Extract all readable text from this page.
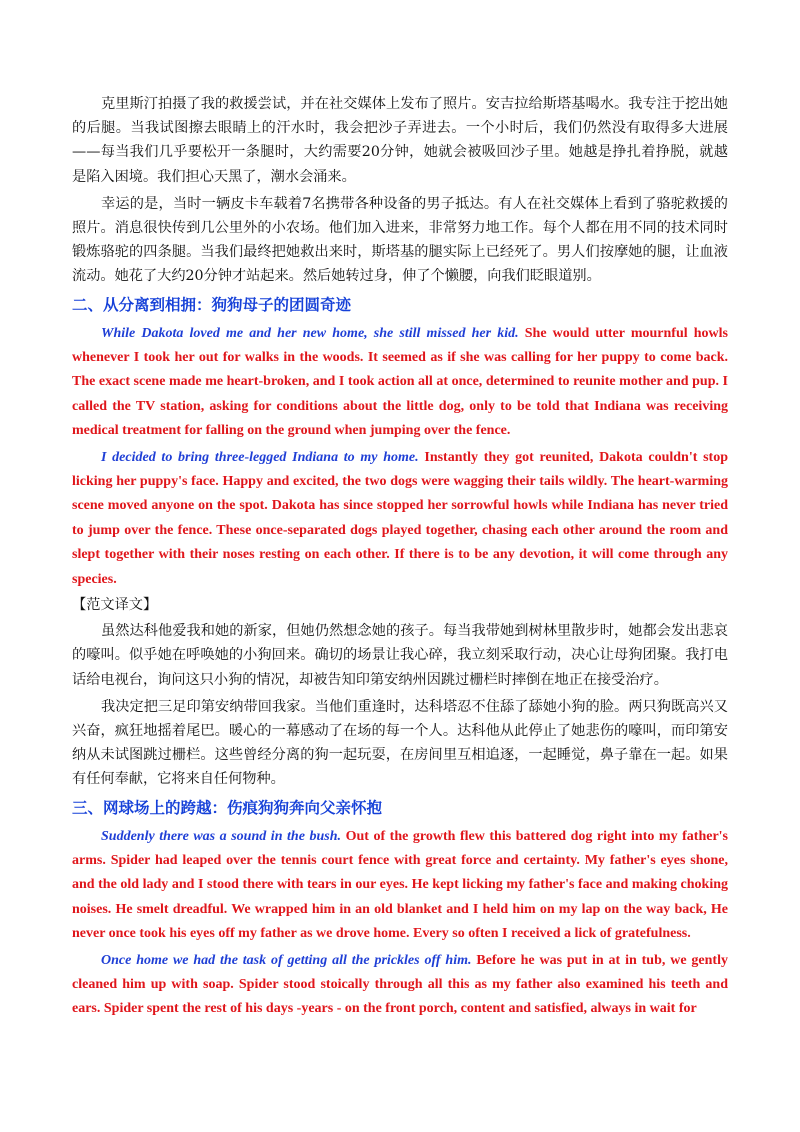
克里斯汀拍摄了我的救援尝试，并在社交媒体上发布了照片。安吉拉给斯塔基喝水。我专注于挖出她的后腿。当我试图擦去眼睛上的汗水时，我会把沙子弄进去。一个小时后，我们仍然没有取得多大进展——每当我们几乎要松开一条腿时，大约需要20分钟，她就会被吸回沙子里。她越是挣扎着挣脱，就越是陷入困境。我们担心天黑了，潮水会涌来。

幸运的是，当时一辆皮卡车载着7名携带各种设备的男子抵达。有人在社交媒体上看到了骆驼救援的照片。消息很快传到几公里外的小农场。他们加入进来，非常努力地工作。每个人都在用不同的技术同时锻炼骆驼的四条腿。当我们最终把她救出来时，斯塔基的腿实际上已经死了。男人们按摩她的腿，让血液流动。她花了大约20分钟才站起来。然后她转过身，伸了个懒腰，向我们眨眼道别。

二、从分离到相拥：狗狗母子的团圆奇迹

While Dakota loved me and her new home, she still missed her kid. She would utter mournful howls whenever I took her out for walks in the woods. It seemed as if she was calling for her puppy to come back. The exact scene made me heart-broken, and I took action all at once, determined to reunite mother and pup. I called the TV station, asking for conditions about the little dog, only to be told that Indiana was receiving medical treatment for falling on the ground when jumping over the fence.

I decided to bring three-legged Indiana to my home. Instantly they got reunited, Dakota couldn't stop licking her puppy's face. Happy and excited, the two dogs were wagging their tails wildly. The heart-warming scene moved anyone on the spot. Dakota has since stopped her sorrowful howls while Indiana has never tried to jump over the fence. These once-separated dogs played together, chasing each other around the room and slept together with their noses resting on each other. If there is to be any devotion, it will come through any species.

【范文译文】

虽然达科他爱我和她的新家，但她仍然想念她的孩子。每当我带她到树林里散步时，她都会发出悲哀的嚎叫。似乎她在呼唤她的小狗回来。确切的场景让我心碎，我立刻采取行动，决心让母狗团聚。我打电话给电视台，询问这只小狗的情况，却被告知印第安纳州因跳过栅栏时摔倒在地正在接受治疗。

我决定把三足印第安纳带回我家。当他们重逢时，达科塔忍不住舔了舔她小狗的脸。两只狗既高兴又兴奋，疯狂地摇着尾巴。暖心的一幕感动了在场的每一个人。达科他从此停止了她悲伤的嚎叫，而印第安纳从未试图跳过栅栏。这些曾经分离的狗一起玩耍，在房间里互相追逐，一起睡觉，鼻子靠在一起。如果有任何奉献，它将来自任何物种。

三、网球场上的跨越：伤痕狗狗奔向父亲怀抱

Suddenly there was a sound in the bush. Out of the growth flew this battered dog right into my father's arms. Spider had leaped over the tennis court fence with great force and certainty. My father's eyes shone, and the old lady and I stood there with tears in our eyes. He kept licking my father's face and making choking noises. He smelt dreadful. We wrapped him in an old blanket and I held him on my lap on the way back, He never once took his eyes off my father as we drove home. Every so often I received a lick of gratefulness.

Once home we had the task of getting all the prickles off him. Before he was put in at in tub, we gently cleaned him up with soap. Spider stood stoically through all this as my father also examined his teeth and ears. Spider spent the rest of his days -years - on the front porch, content and satisfied, always in wait for
